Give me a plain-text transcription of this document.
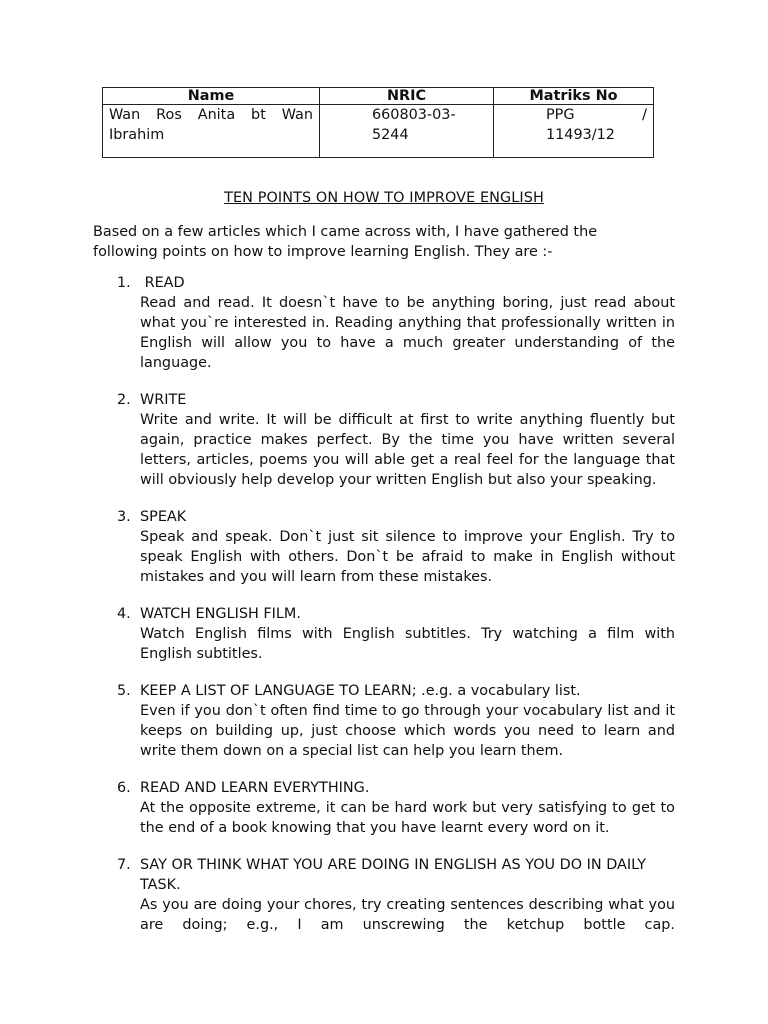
Name	NRIC	Matriks No
Wan Ros Anita bt Wan Ibrahim	660803-03-5244	PPG / 11493/12
TEN POINTS ON HOW TO IMPROVE ENGLISH
Based on a few articles which I came across with, I have gathered the following points on how to improve learning English. They are :-
1. READ
Read and read. It doesn`t have to be anything boring, just read about what you`re interested in. Reading anything that professionally written in English will allow you to have a much greater understanding of the language.
2. WRITE
Write and write. It will be difficult at first to write anything fluently but again, practice makes perfect. By the time you have written several letters, articles, poems you will able get a real feel for the language that will obviously help develop your written English but also your speaking.
3. SPEAK
Speak and speak. Don`t just sit silence to improve your English. Try to speak English with others. Don`t be afraid to make in English without mistakes and you will learn from these mistakes.
4. WATCH ENGLISH FILM.
Watch English films with English subtitles. Try watching a film with English subtitles.
5. KEEP A LIST OF LANGUAGE TO LEARN; .e.g. a vocabulary list.
Even if you don`t often find time to go through your vocabulary list and it keeps on building up, just choose which words you need to learn and write them down on a special list can help you learn them.
6. READ AND LEARN EVERYTHING.
At the opposite extreme, it can be hard work but very satisfying to get to the end of a book knowing that you have learnt every word on it.
7. SAY OR THINK WHAT YOU ARE DOING IN ENGLISH AS YOU DO IN DAILY TASK.
As you are doing your chores, try creating sentences describing what you are doing; e.g., I am unscrewing the ketchup bottle cap.
